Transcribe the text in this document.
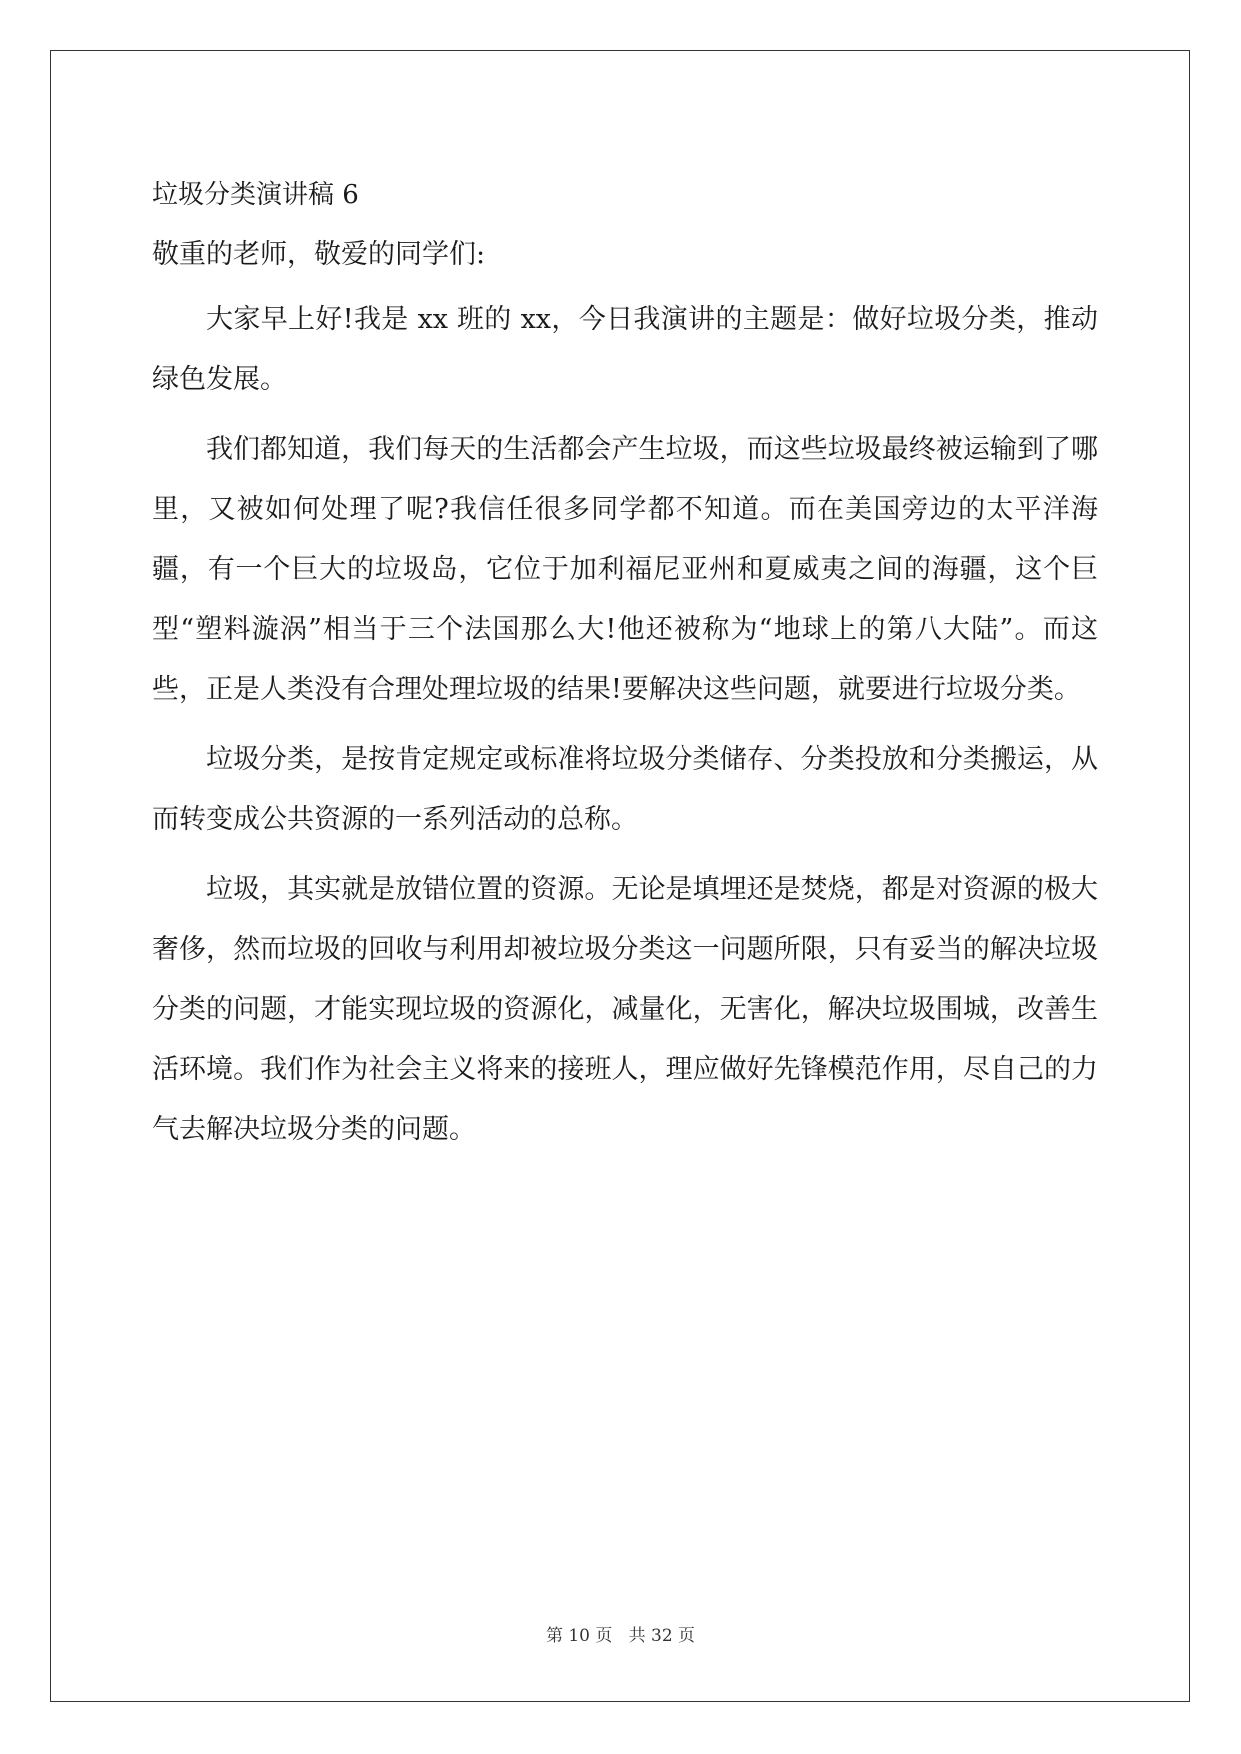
垃圾分类演讲稿 6
敬重的老师，敬爱的同学们:

大家早上好!我是 xx 班的 xx，今日我演讲的主题是：做好垃圾分类，推动绿色发展。

我们都知道，我们每天的生活都会产生垃圾，而这些垃圾最终被运输到了哪里，又被如何处理了呢?我信任很多同学都不知道。而在美国旁边的太平洋海疆，有一个巨大的垃圾岛，它位于加利福尼亚州和夏威夷之间的海疆，这个巨型“塑料漩涡”相当于三个法国那么大!他还被称为“地球上的第八大陆”。而这些，正是人类没有合理处理垃圾的结果!要解决这些问题，就要进行垃圾分类。

垃圾分类，是按肯定规定或标准将垃圾分类储存、分类投放和分类搬运，从而转变成公共资源的一系列活动的总称。

垃圾，其实就是放错位置的资源。无论是填埋还是焚烧，都是对资源的极大奢侈，然而垃圾的回收与利用却被垃圾分类这一问题所限，只有妥当的解决垃圾分类的问题，才能实现垃圾的资源化，减量化，无害化，解决垃圾围城，改善生活环境。我们作为社会主义将来的接班人，理应做好先锋模范作用，尽自己的力气去解决垃圾分类的问题。

第 10 页   共 32 页
